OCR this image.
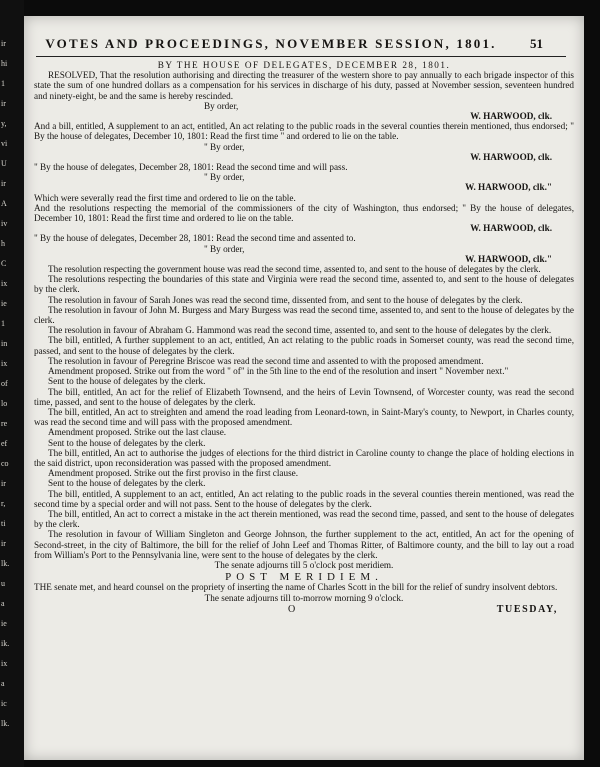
VOTES AND PROCEEDINGS, NOVEMBER SESSION, 1801.	51

BY THE HOUSE OF DELEGATES, DECEMBER 28, 1801.

RESOLVED, That the resolution authorising and directing the treasurer of the western shore to pay annually to each brigade inspector of this state the sum of one hundred dollars as a compensation for his services in discharge of his duty, passed at November session, seventeen hundred and ninety-eight, be and the same is hereby rescinded.

By order,

W. HARWOOD, clk.

And a bill, entitled, A supplement to an act, entitled, An act relating to the public roads in the several counties therein mentioned, thus endorsed; " By the house of delegates, December 10, 1801: Read the first time " and ordered to lie on the table.

" By order,

W. HARWOOD, clk.

" By the house of delegates, December 28, 1801: Read the second time and will pass.

" By order,

W. HARWOOD, clk."

Which were severally read the first time and ordered to lie on the table.

And the resolutions respecting the memorial of the commissioners of the city of Washington, thus endorsed; " By the house of delegates, December 10, 1801: Read the first time and ordered to lie on the table.

W. HARWOOD, clk.

" By the house of delegates, December 28, 1801: Read the second time and assented to.

" By order,

W. HARWOOD, clk."

The resolution respecting the government house was read the second time, assented to, and sent to the house of delegates by the clerk.

The resolutions respecting the boundaries of this state and Virginia were read the second time, assented to, and sent to the house of delegates by the clerk.

The resolution in favour of Sarah Jones was read the second time, dissented from, and sent to the house of delegates by the clerk.

The resolution in favour of John M. Burgess and Mary Burgess was read the second time, assented to, and sent to the house of delegates by the clerk.

The resolution in favour of Abraham G. Hammond was read the second time, assented to, and sent to the house of delegates by the clerk.

The bill, entitled, A further supplement to an act, entitled, An act relating to the public roads in Somerset county, was read the second time, passed, and sent to the house of delegates by the clerk.

The resolution in favour of Peregrine Briscoe was read the second time and assented to with the proposed amendment.

Amendment proposed. Strike out from the word " of" in the 5th line to the end of the resolution and insert " November next."

Sent to the house of delegates by the clerk.

The bill, entitled, An act for the relief of Elizabeth Townsend, and the heirs of Levin Townsend, of Worcester county, was read the second time, passed, and sent to the house of delegates by the clerk.

The bill, entitled, An act to streighten and amend the road leading from Leonard-town, in Saint-Mary's county, to Newport, in Charles county, was read the second time and will pass with the proposed amendment.

Amendment proposed. Strike out the last clause.

Sent to the house of delegates by the clerk.

The bill, entitled, An act to authorise the judges of elections for the third district in Caroline county to change the place of holding elections in the said district, upon reconsideration was passed with the proposed amendment.

Amendment proposed. Strike out the first proviso in the first clause.

Sent to the house of delegates by the clerk.

The bill, entitled, A supplement to an act, entitled, An act relating to the public roads in the several counties therein mentioned, was read the second time by a special order and will not pass. Sent to the house of delegates by the clerk.

The bill, entitled, An act to correct a mistake in the act therein mentioned, was read the second time, passed, and sent to the house of delegates by the clerk.

The resolution in favour of William Singleton and George Johnson, the further supplement to the act, entitled, An act for the opening of Second-street, in the city of Baltimore, the bill for the relief of John Leef and Thomas Ritter, of Baltimore county, and the bill to lay out a road from William's Port to the Pennsylvania line, were sent to the house of delegates by the clerk.

The senate adjourns till 5 o'clock post meridiem.

POST MERIDIEM.

THE senate met, and heard counsel on the propriety of inserting the name of Charles Scott in the bill for the relief of sundry insolvent debtors.

The senate adjourns till to-morrow morning 9 o'clock.

O	TUESDAY,
ir
hi
1
ir
y,
vi
U
ir
A
iv
h
C
ix
ie
1
in
ix
of
lo
re
ef
co
ir
r,
ti
ir
lk.
u
a
ie
ik.
ix
a
ic
lk.
